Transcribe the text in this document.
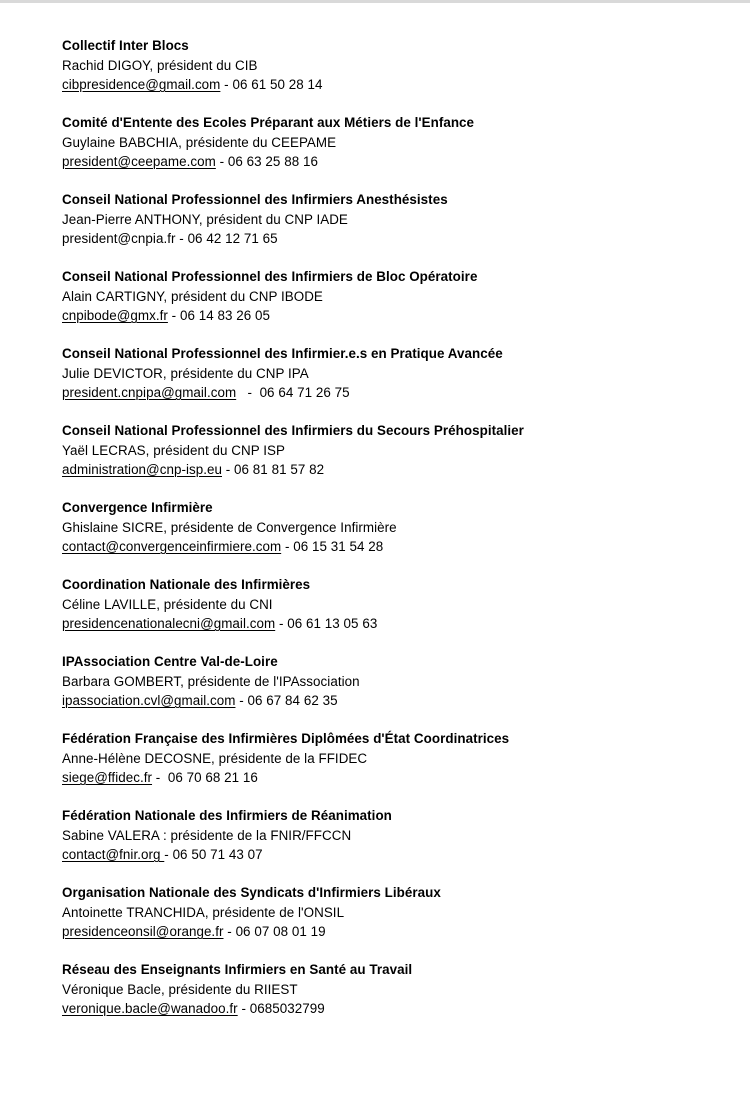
Collectif Inter Blocs
Rachid DIGOY, président du CIB
cibpresidence@gmail.com - 06 61 50 28 14
Comité d'Entente des Ecoles Préparant aux Métiers de l'Enfance
Guylaine BABCHIA, présidente du CEEPAME
president@ceepame.com - 06 63 25 88 16
Conseil National Professionnel des Infirmiers Anesthésistes
Jean-Pierre ANTHONY, président du CNP IADE
president@cnpia.fr - 06 42 12 71 65
Conseil National Professionnel des Infirmiers de Bloc Opératoire
Alain CARTIGNY, président du CNP IBODE
cnpibode@gmx.fr - 06 14 83 26 05
Conseil National Professionnel des Infirmier.e.s en Pratique Avancée
Julie DEVICTOR, présidente du CNP IPA
president.cnpipa@gmail.com   -  06 64 71 26 75
Conseil National Professionnel des Infirmiers du Secours Préhospitalier
Yaël LECRAS, président du CNP ISP
administration@cnp-isp.eu - 06 81 81 57 82
Convergence Infirmière
Ghislaine SICRE, présidente de Convergence Infirmière
contact@convergenceinfirmiere.com - 06 15 31 54 28
Coordination Nationale des Infirmières
Céline LAVILLE, présidente du CNI
presidencenationalecni@gmail.com - 06 61 13 05 63
IPAssociation Centre Val-de-Loire
Barbara GOMBERT, présidente de l'IPAssociation
ipassociation.cvl@gmail.com - 06 67 84 62 35
Fédération Française des Infirmières Diplômées d'État Coordinatrices
Anne-Hélène DECOSNE, présidente de la FFIDEC
siege@ffidec.fr -  06 70 68 21 16
Fédération Nationale des Infirmiers de Réanimation
Sabine VALERA : présidente de la FNIR/FFCCN
contact@fnir.org - 06 50 71 43 07
Organisation Nationale des Syndicats d'Infirmiers Libéraux
Antoinette TRANCHIDA, présidente de l'ONSIL
presidenceonsil@orange.fr - 06 07 08 01 19
Réseau des Enseignants Infirmiers en Santé au Travail
Véronique Bacle, présidente du RIIEST
veronique.bacle@wanadoo.fr - 0685032799
